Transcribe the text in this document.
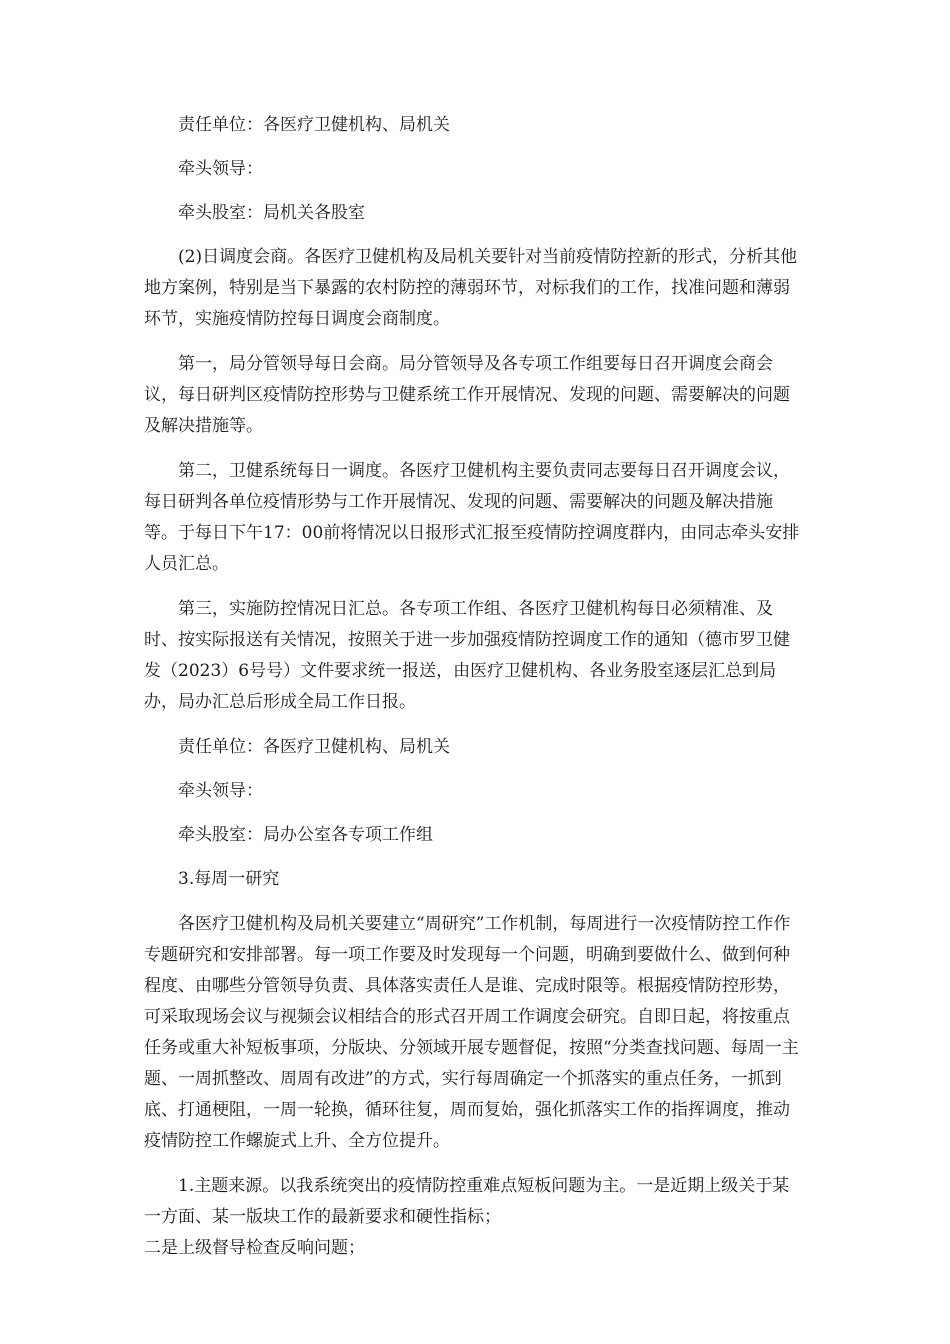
责任单位：各医疗卫健机构、局机关

牵头领导：

牵头股室：局机关各股室

(2)日调度会商。各医疗卫健机构及局机关要针对当前疫情防控新的形式，分析其他地方案例，特别是当下暴露的农村防控的薄弱环节，对标我们的工作，找准问题和薄弱环节，实施疫情防控每日调度会商制度。

第一，局分管领导每日会商。局分管领导及各专项工作组要每日召开调度会商会议，每日研判区疫情防控形势与卫健系统工作开展情况、发现的问题、需要解决的问题及解决措施等。

第二，卫健系统每日一调度。各医疗卫健机构主要负责同志要每日召开调度会议，每日研判各单位疫情形势与工作开展情况、发现的问题、需要解决的问题及解决措施等。于每日下午17：00前将情况以日报形式汇报至疫情防控调度群内，由同志牵头安排人员汇总。

第三，实施防控情况日汇总。各专项工作组、各医疗卫健机构每日必须精准、及时、按实际报送有关情况，按照关于进一步加强疫情防控调度工作的通知（德市罗卫健发（2023）6号号）文件要求统一报送，由医疗卫健机构、各业务股室逐层汇总到局办，局办汇总后形成全局工作日报。

责任单位：各医疗卫健机构、局机关

牵头领导：

牵头股室：局办公室各专项工作组

3.每周一研究

各医疗卫健机构及局机关要建立“周研究”工作机制，每周进行一次疫情防控工作作专题研究和安排部署。每一项工作要及时发现每一个问题，明确到要做什么、做到何种程度、由哪些分管领导负责、具体落实责任人是谁、完成时限等。根据疫情防控形势，可采取现场会议与视频会议相结合的形式召开周工作调度会研究。自即日起，将按重点任务或重大补短板事项，分版块、分领域开展专题督促，按照“分类查找问题、每周一主题、一周抓整改、周周有改进”的方式，实行每周确定一个抓落实的重点任务，一抓到底、打通梗阻，一周一轮换，循环往复，周而复始，强化抓落实工作的指挥调度，推动疫情防控工作螺旋式上升、全方位提升。

1.主题来源。以我系统突出的疫情防控重难点短板问题为主。一是近期上级关于某一方面、某一版块工作的最新要求和硬性指标；

二是上级督导检查反响问题；
